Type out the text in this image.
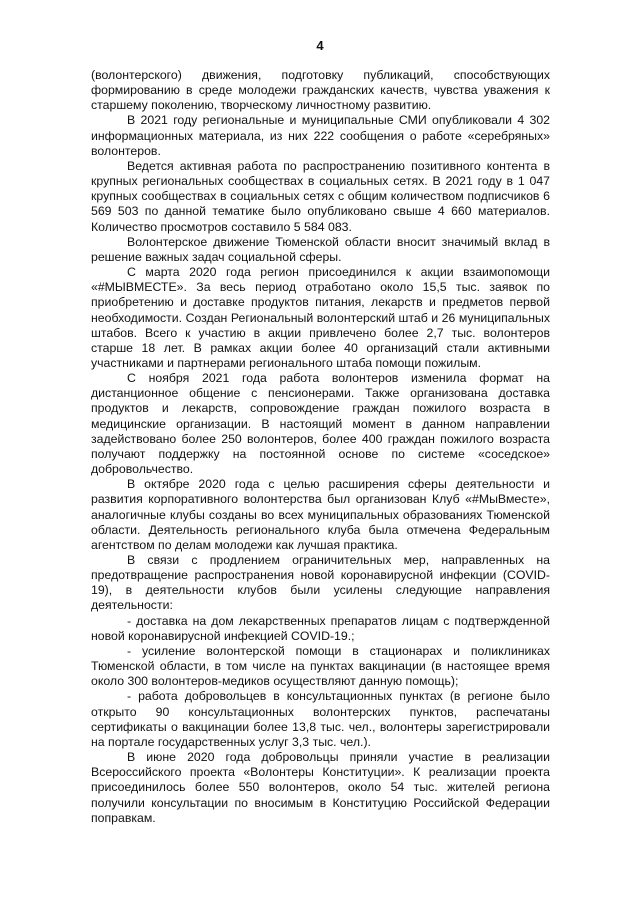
4

(волонтерского) движения, подготовку публикаций, способствующих формированию в среде молодежи гражданских качеств, чувства уважения к старшему поколению, творческому личностному развитию.

В 2021 году региональные и муниципальные СМИ опубликовали 4 302 информационных материала, из них 222 сообщения о работе «серебряных» волонтеров.

Ведется активная работа по распространению позитивного контента в крупных региональных сообществах в социальных сетях. В 2021 году в 1 047 крупных сообществах в социальных сетях с общим количеством подписчиков 6 569 503 по данной тематике было опубликовано свыше 4 660 материалов. Количество просмотров составило 5 584 083.

Волонтерское движение Тюменской области вносит значимый вклад в решение важных задач социальной сферы.

С марта 2020 года регион присоединился к акции взаимопомощи «#МЫВМЕСТЕ». За весь период отработано около 15,5 тыс. заявок по приобретению и доставке продуктов питания, лекарств и предметов первой необходимости. Создан Региональный волонтерский штаб и 26 муниципальных штабов. Всего к участию в акции привлечено более 2,7 тыс. волонтеров старше 18 лет. В рамках акции более 40 организаций стали активными участниками и партнерами регионального штаба помощи пожилым.

С ноября 2021 года работа волонтеров изменила формат на дистанционное общение с пенсионерами. Также организована доставка продуктов и лекарств, сопровождение граждан пожилого возраста в медицинские организации. В настоящий момент в данном направлении задействовано более 250 волонтеров, более 400 граждан пожилого возраста получают поддержку на постоянной основе по системе «соседское» добровольчество.

В октябре 2020 года с целью расширения сферы деятельности и развития корпоративного волонтерства был организован Клуб «#МыВместе», аналогичные клубы созданы во всех муниципальных образованиях Тюменской области. Деятельность регионального клуба была отмечена Федеральным агентством по делам молодежи как лучшая практика.

В связи с продлением ограничительных мер, направленных на предотвращение распространения новой коронавирусной инфекции (COVID-19), в деятельности клубов были усилены следующие направления деятельности:

- доставка на дом лекарственных препаратов лицам с подтвержденной новой коронавирусной инфекцией COVID-19.;

- усиление волонтерской помощи в стационарах и поликлиниках Тюменской области, в том числе на пунктах вакцинации (в настоящее время около 300 волонтеров-медиков осуществляют данную помощь);

- работа добровольцев в консультационных пунктах (в регионе было открыто 90 консультационных волонтерских пунктов, распечатаны сертификаты о вакцинации более 13,8 тыс. чел., волонтеры зарегистрировали на портале государственных услуг 3,3 тыс. чел.).

В июне 2020 года добровольцы приняли участие в реализации Всероссийского проекта «Волонтеры Конституции». К реализации проекта присоединилось более 550 волонтеров, около 54 тыс. жителей региона получили консультации по вносимым в Конституцию Российской Федерации поправкам.
